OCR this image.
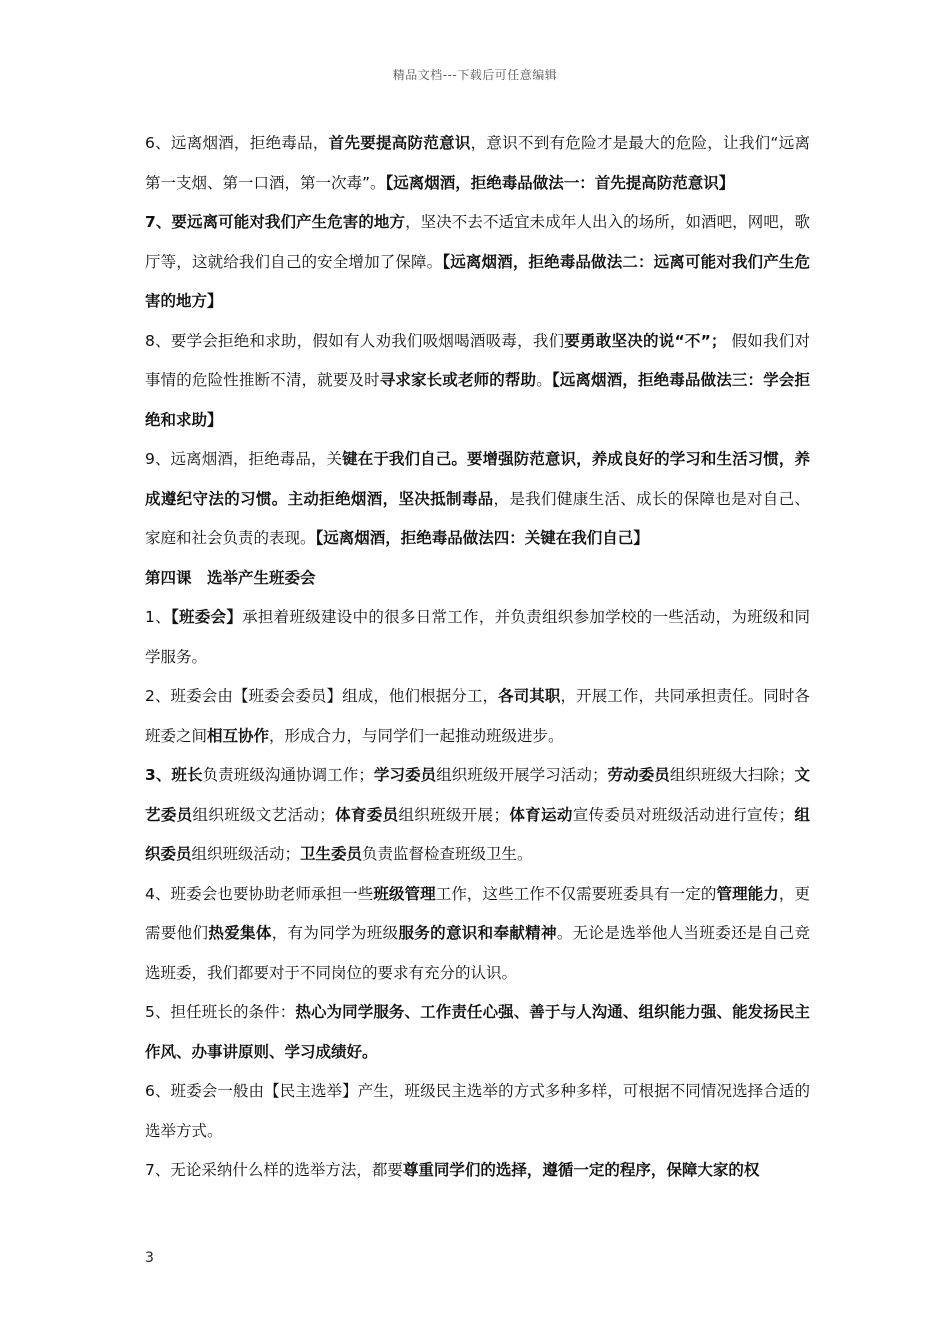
精品文档---下载后可任意编辑

6、远离烟酒，拒绝毒品，首先要提高防范意识，意识不到有危险才是最大的危险，让我们“远离第一支烟、第一口酒，第一次毒”。【远离烟酒，拒绝毒品做法一：首先提高防范意识】

7、要远离可能对我们产生危害的地方，坚决不去不适宜未成年人出入的场所，如酒吧，网吧，歌厅等，这就给我们自己的安全增加了保障。【远离烟酒，拒绝毒品做法二：远离可能对我们产生危害的地方】

8、要学会拒绝和求助，假如有人劝我们吸烟喝酒吸毒，我们要勇敢坚决的说“不”； 假如我们对事情的危险性推断不清，就要及时寻求家长或老师的帮助。【远离烟酒，拒绝毒品做法三：学会拒绝和求助】

9、远离烟酒，拒绝毒品，关键在于我们自己。要增强防范意识，养成良好的学习和生活习惯，养成遵纪守法的习惯。主动拒绝烟酒，坚决抵制毒品，是我们健康生活、成长的保障也是对自己、家庭和社会负责的表现。【远离烟酒，拒绝毒品做法四：关键在我们自己】

第四课　选举产生班委会

1、【班委会】承担着班级建设中的很多日常工作，并负责组织参加学校的一些活动，为班级和同学服务。

2、班委会由【班委会委员】组成，他们根据分工，各司其职，开展工作，共同承担责任。同时各班委之间相互协作，形成合力，与同学们一起推动班级进步。

3、班长负责班级沟通协调工作；学习委员组织班级开展学习活动；劳动委员组织班级大扫除；文艺委员组织班级文艺活动；体育委员组织班级开展；体育运动宣传委员对班级活动进行宣传；组织委员组织班级活动；卫生委员负责监督检查班级卫生。

4、班委会也要协助老师承担一些班级管理工作，这些工作不仅需要班委具有一定的管理能力，更需要他们热爱集体，有为同学为班级服务的意识和奉献精神。无论是选举他人当班委还是自己竞选班委，我们都要对于不同岗位的要求有充分的认识。

5、担任班长的条件：热心为同学服务、工作责任心强、善于与人沟通、组织能力强、能发扬民主作风、办事讲原则、学习成绩好。

6、班委会一般由【民主选举】产生，班级民主选举的方式多种多样，可根据不同情况选择合适的选举方式。

7、无论采纳什么样的选举方法，都要尊重同学们的选择，遵循一定的程序，保障大家的权

3
